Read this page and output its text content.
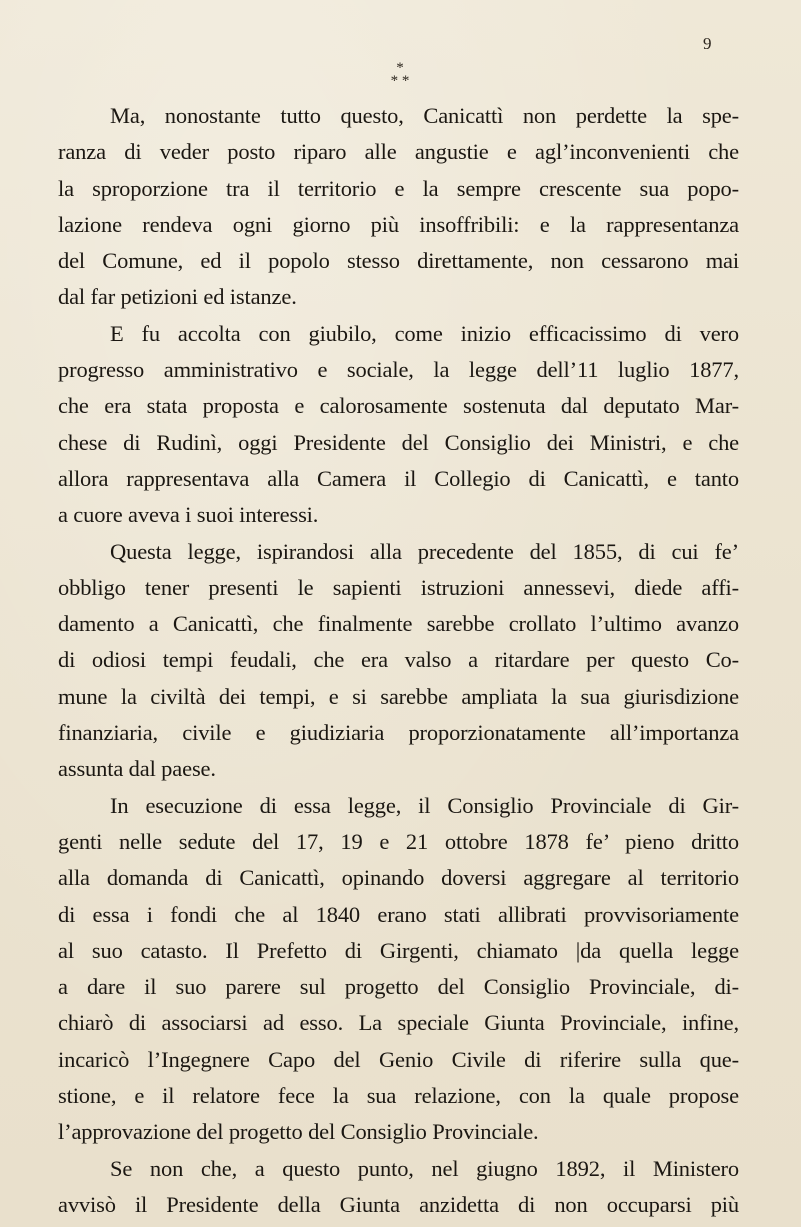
9
*
* *
Ma, nonostante tutto questo, Canicattì non perdette la spe-
ranza di veder posto riparo alle angustie e agl’inconvenienti che
la sproporzione tra il territorio e la sempre crescente sua popo-
lazione rendeva ogni giorno più insoffribili: e la rappresentanza
del Comune, ed il popolo stesso direttamente, non cessarono mai
dal far petizioni ed istanze.
E fu accolta con giubilo, come inizio efficacissimo di vero
progresso amministrativo e sociale, la legge dell’11 luglio 1877,
che era stata proposta e calorosamente sostenuta dal deputato Mar-
chese di Rudinì, oggi Presidente del Consiglio dei Ministri, e che
allora rappresentava alla Camera il Collegio di Canicattì, e tanto
a cuore aveva i suoi interessi.
Questa legge, ispirandosi alla precedente del 1855, di cui fe’
obbligo tener presenti le sapienti istruzioni annessevi, diede affi-
damento a Canicattì, che finalmente sarebbe crollato l’ultimo avanzo
di odiosi tempi feudali, che era valso a ritardare per questo Co-
mune la civiltà dei tempi, e si sarebbe ampliata la sua giurisdizione
finanziaria, civile e giudiziaria proporzionatamente all’importanza
assunta dal paese.
In esecuzione di essa legge, il Consiglio Provinciale di Gir-
genti nelle sedute del 17, 19 e 21 ottobre 1878 fe’ pieno dritto
alla domanda di Canicattì, opinando doversi aggregare al territorio
di essa i fondi che al 1840 erano stati allibrati provvisoriamente
al suo catasto. Il Prefetto di Girgenti, chiamato |da quella legge
a dare il suo parere sul progetto del Consiglio Provinciale, di-
chiarò di associarsi ad esso. La speciale Giunta Provinciale, infine,
incaricò l’Ingegnere Capo del Genio Civile di riferire sulla que-
stione, e il relatore fece la sua relazione, con la quale propose
l’approvazione del progetto del Consiglio Provinciale.
Se non che, a questo punto, nel giugno 1892, il Ministero
avvisò il Presidente della Giunta anzidetta di non occuparsi più
